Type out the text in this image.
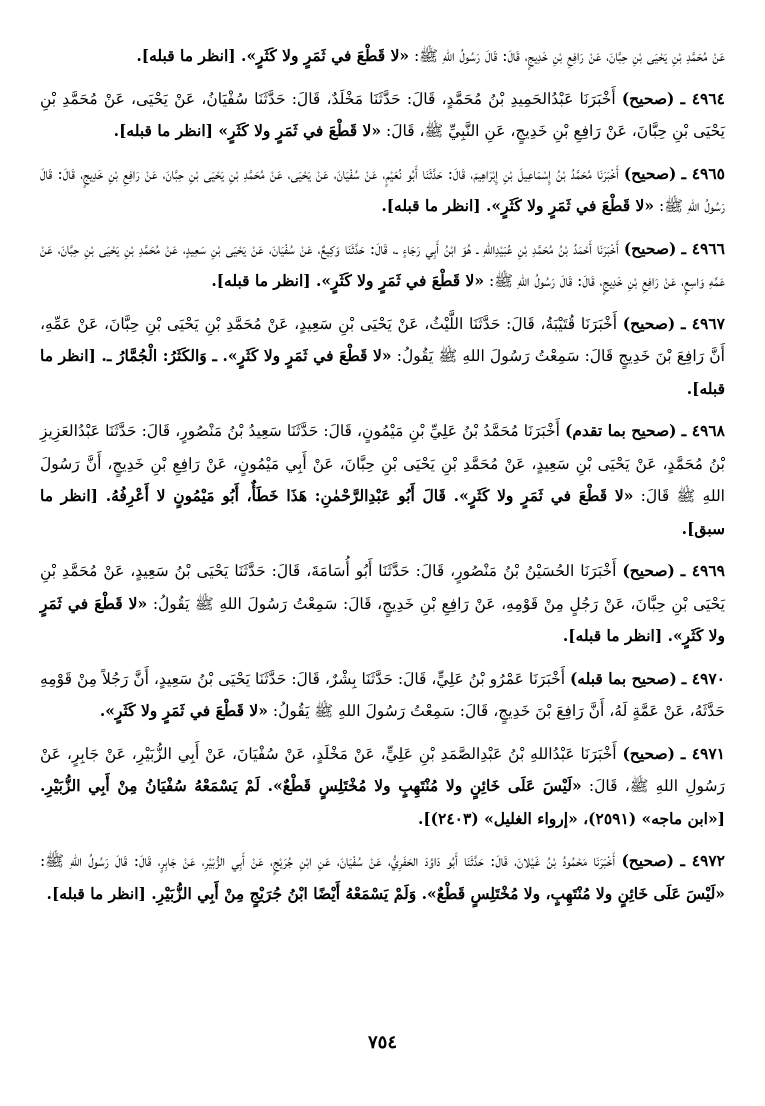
عَنْ مُحَمَّدِ بْنِ يَحْيَى بْنِ حِبَّانَ، عَنْ رَافِعِ بْنِ خَدِيجٍ، قَالَ: قَالَ رَسُولُ اللهِ ﷺ: «لا قَطْعَ في ثَمَرٍ ولا كَثَرٍ». [انظر ما قبله].

٤٩٦٤ ـ (صحيح) أَخْبَرَنَا عَبْدُالحَمِيدِ بْنُ مُحَمَّدٍ، قَالَ: حَدَّثَنَا مَخْلَدٌ، قَالَ: حَدَّثَنَا سُفْيَانُ، عَنْ يَحْيَى، عَنْ مُحَمَّدِ بْنِ يَحْيَى بْنِ حِبَّانَ، عَنْ رَافِعِ بْنِ خَدِيجٍ، عَنِ النَّبِيِّ ﷺ، قَالَ: «لا قَطْعَ في ثَمَرٍ ولا كَثَرٍ» [انظر ما قبله].

٤٩٦٥ ـ (صحيح) أَخْبَرَنَا مُحَمَّدُ بْنُ إِسْمَاعِيلَ بْنِ إِبْرَاهِيمَ، قَالَ: حَدَّثَنَا أَبُو نُعَيْمٍ، عَنْ سُفْيَانَ، عَنْ يَحْيَى، عَنْ مُحَمَّدِ بْنِ يَحْيَى بْنِ حِبَّانَ، عَنْ رَافِعِ بْنِ خَدِيجٍ، قَالَ: قَالَ رَسُولُ اللهِ ﷺ: «لا قَطْعَ في ثَمَرٍ ولا كَثَرٍ». [انظر ما قبله].

٤٩٦٦ ـ (صحيح) أَخْبَرَنَا أَحْمَدُ بْنُ مُحَمَّدِ بْنِ عُبَيْدِاللهِ ـ هُوَ ابْنُ أَبِي رَجَاءٍ ـ، قَالَ: حَدَّثَنَا وَكِيعٌ، عَنْ سُفْيَانَ، عَنْ يَحْيَى بْنِ سَعِيدٍ، عَنْ مُحَمَّدِ بْنِ يَحْيَى بْنِ حِبَّانَ، عَنْ عَمِّهِ وَاسِعٍ، عَنْ رَافِعِ بْنِ خَدِيجٍ، قَالَ: قَالَ رَسُولُ اللهِ ﷺ: «لا قَطْعَ في ثَمَرٍ ولا كَثَرٍ». [انظر ما قبله].

٤٩٦٧ ـ (صحيح) أَخْبَرَنَا قُتَيْبَةُ، قَالَ: حَدَّثَنَا اللَّيْثُ، عَنْ يَحْيَى بْنِ سَعِيدٍ، عَنْ مُحَمَّدِ بْنِ يَحْيَى بْنِ حِبَّانَ، عَنْ عَمِّهِ، أَنَّ رَافِعَ بْنَ خَدِيجٍ قَالَ: سَمِعْتُ رَسُولَ اللهِ ﷺ يَقُولُ: «لا قَطْعَ في ثَمَرٍ ولا كَثَرٍ». ـ وَالكَثَرُ: الْجُمَّارُ ـ. [انظر ما قبله].

٤٩٦٨ ـ (صحيح بما تقدم) أَخْبَرَنَا مُحَمَّدُ بْنُ عَلِيِّ بْنِ مَيْمُونٍ، قَالَ: حَدَّثَنَا سَعِيدُ بْنُ مَنْصُورٍ، قَالَ: حَدَّثَنَا عَبْدُالعَزِيزِ بْنُ مُحَمَّدٍ، عَنْ يَحْيَى بْنِ سَعِيدٍ، عَنْ مُحَمَّدِ بْنِ يَحْيَى بْنِ حِبَّانَ، عَنْ أَبِي مَيْمُونٍ، عَنْ رَافِعِ بْنِ خَدِيجٍ، أَنَّ رَسُولَ اللهِ ﷺ قَالَ: «لا قَطْعَ في ثَمَرٍ ولا كَثَرٍ». قَالَ أَبُو عَبْدِالرَّحْمٰنِ: هَذَا خَطَأٌ، أَبُو مَيْمُونٍ لا أَعْرِفُهُ. [انظر ما سبق].

٤٩٦٩ ـ (صحيح) أَخْبَرَنَا الحُسَيْنُ بْنُ مَنْصُورٍ، قَالَ: حَدَّثَنَا أَبُو أُسَامَةَ، قَالَ: حَدَّثَنَا يَحْيَى بْنُ سَعِيدٍ، عَنْ مُحَمَّدِ بْنِ يَحْيَى بْنِ حِبَّانَ، عَنْ رَجُلٍ مِنْ قَوْمِهِ، عَنْ رَافِعِ بْنِ خَدِيجٍ، قَالَ: سَمِعْتُ رَسُولَ اللهِ ﷺ يَقُولُ: «لا قَطْعَ في ثَمَرٍ ولا كَثَرٍ». [انظر ما قبله].

٤٩٧٠ ـ (صحيح بما قبله) أَخْبَرَنَا عَمْرُو بْنُ عَلِيٍّ، قَالَ: حَدَّثَنَا بِشْرٌ، قَالَ: حَدَّثَنَا يَحْيَى بْنُ سَعِيدٍ، أَنَّ رَجُلاً مِنْ قَوْمِهِ حَدَّثَهُ، عَنْ عَمَّةٍ لَهُ، أَنَّ رَافِعَ بْنَ خَدِيجٍ، قَالَ: سَمِعْتُ رَسُولَ اللهِ ﷺ يَقُولُ: «لا قَطْعَ في ثَمَرٍ ولا كَثَرٍ».

٤٩٧١ ـ (صحيح) أَخْبَرَنَا عَبْدُاللهِ بْنُ عَبْدِالصَّمَدِ بْنِ عَلِيٍّ، عَنْ مَخْلَدٍ، عَنْ سُفْيَانَ، عَنْ أَبِي الزُّبَيْرِ، عَنْ جَابِرٍ، عَنْ رَسُولِ اللهِ ﷺ، قَالَ: «لَيْسَ عَلَى خَائِنٍ ولا مُنْتَهِبٍ ولا مُخْتَلِسٍ قَطْعٌ». لَمْ يَسْمَعْهُ سُفْيَانُ مِنْ أَبِي الزُّبَيْرِ. [«ابن ماجه» (٢٥٩١)، «إرواء الغليل» (٢٤٠٣)].

٤٩٧٢ ـ (صحيح) أَخْبَرَنَا مَحْمُودُ بْنُ غَيْلانَ، قَالَ: حَدَّثَنَا أَبُو دَاوُدَ الحَفَرِيُّ، عَنْ سُفْيَانَ، عَنِ ابْنِ جُرَيْجٍ، عَنْ أَبِي الزُّبَيْرِ، عَنْ جَابِرٍ، قَالَ: قَالَ رَسُولُ اللهِ ﷺ: «لَيْسَ عَلَى خَائِنٍ ولا مُنْتَهِبٍ، ولا مُخْتَلِسٍ قَطْعٌ». وَلَمْ يَسْمَعْهُ أَيْضًا ابْنُ جُرَيْجٍ مِنْ أَبِي الزُّبَيْرِ. [انظر ما قبله].

٧٥٤
